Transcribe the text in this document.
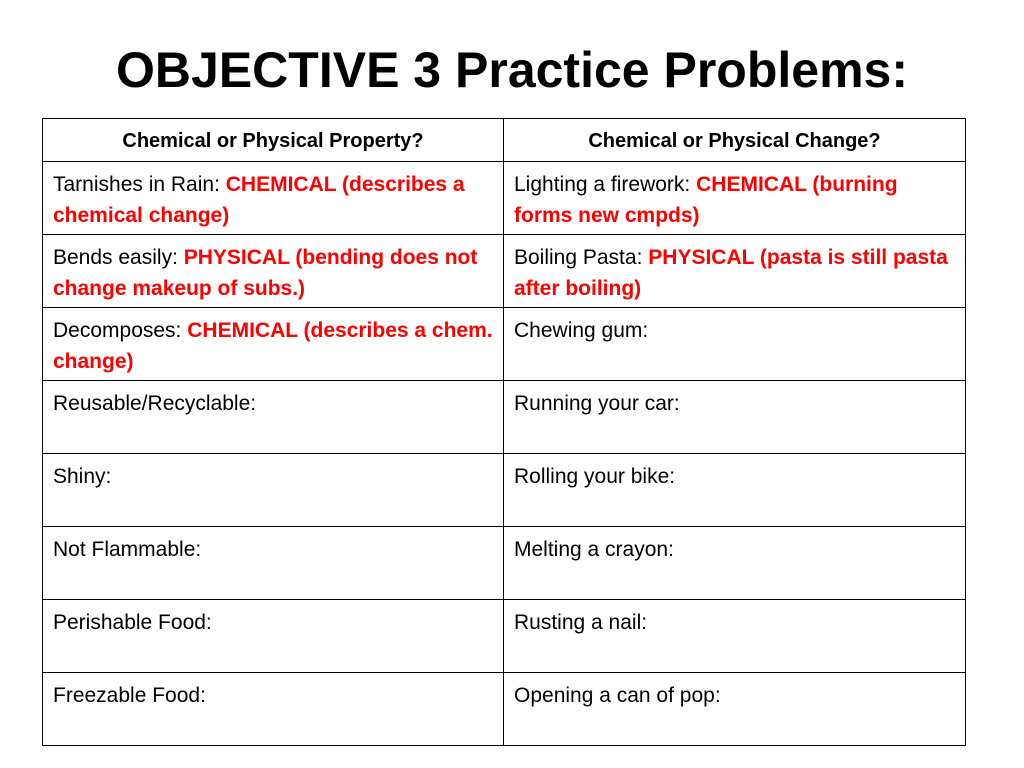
OBJECTIVE 3 Practice Problems:
Chemical or Physical Property?	Chemical or Physical Change?
Tarnishes in Rain: CHEMICAL (describes a chemical change)	Lighting a firework: CHEMICAL (burning forms new cmpds)
Bends easily: PHYSICAL (bending does not change makeup of subs.)	Boiling Pasta: PHYSICAL (pasta is still pasta after boiling)
Decomposes: CHEMICAL (describes a chem. change)	Chewing gum:
Reusable/Recyclable:	Running your car:
Shiny:	Rolling your bike:
Not Flammable:	Melting a crayon:
Perishable Food:	Rusting a nail:
Freezable Food:	Opening a can of pop:
